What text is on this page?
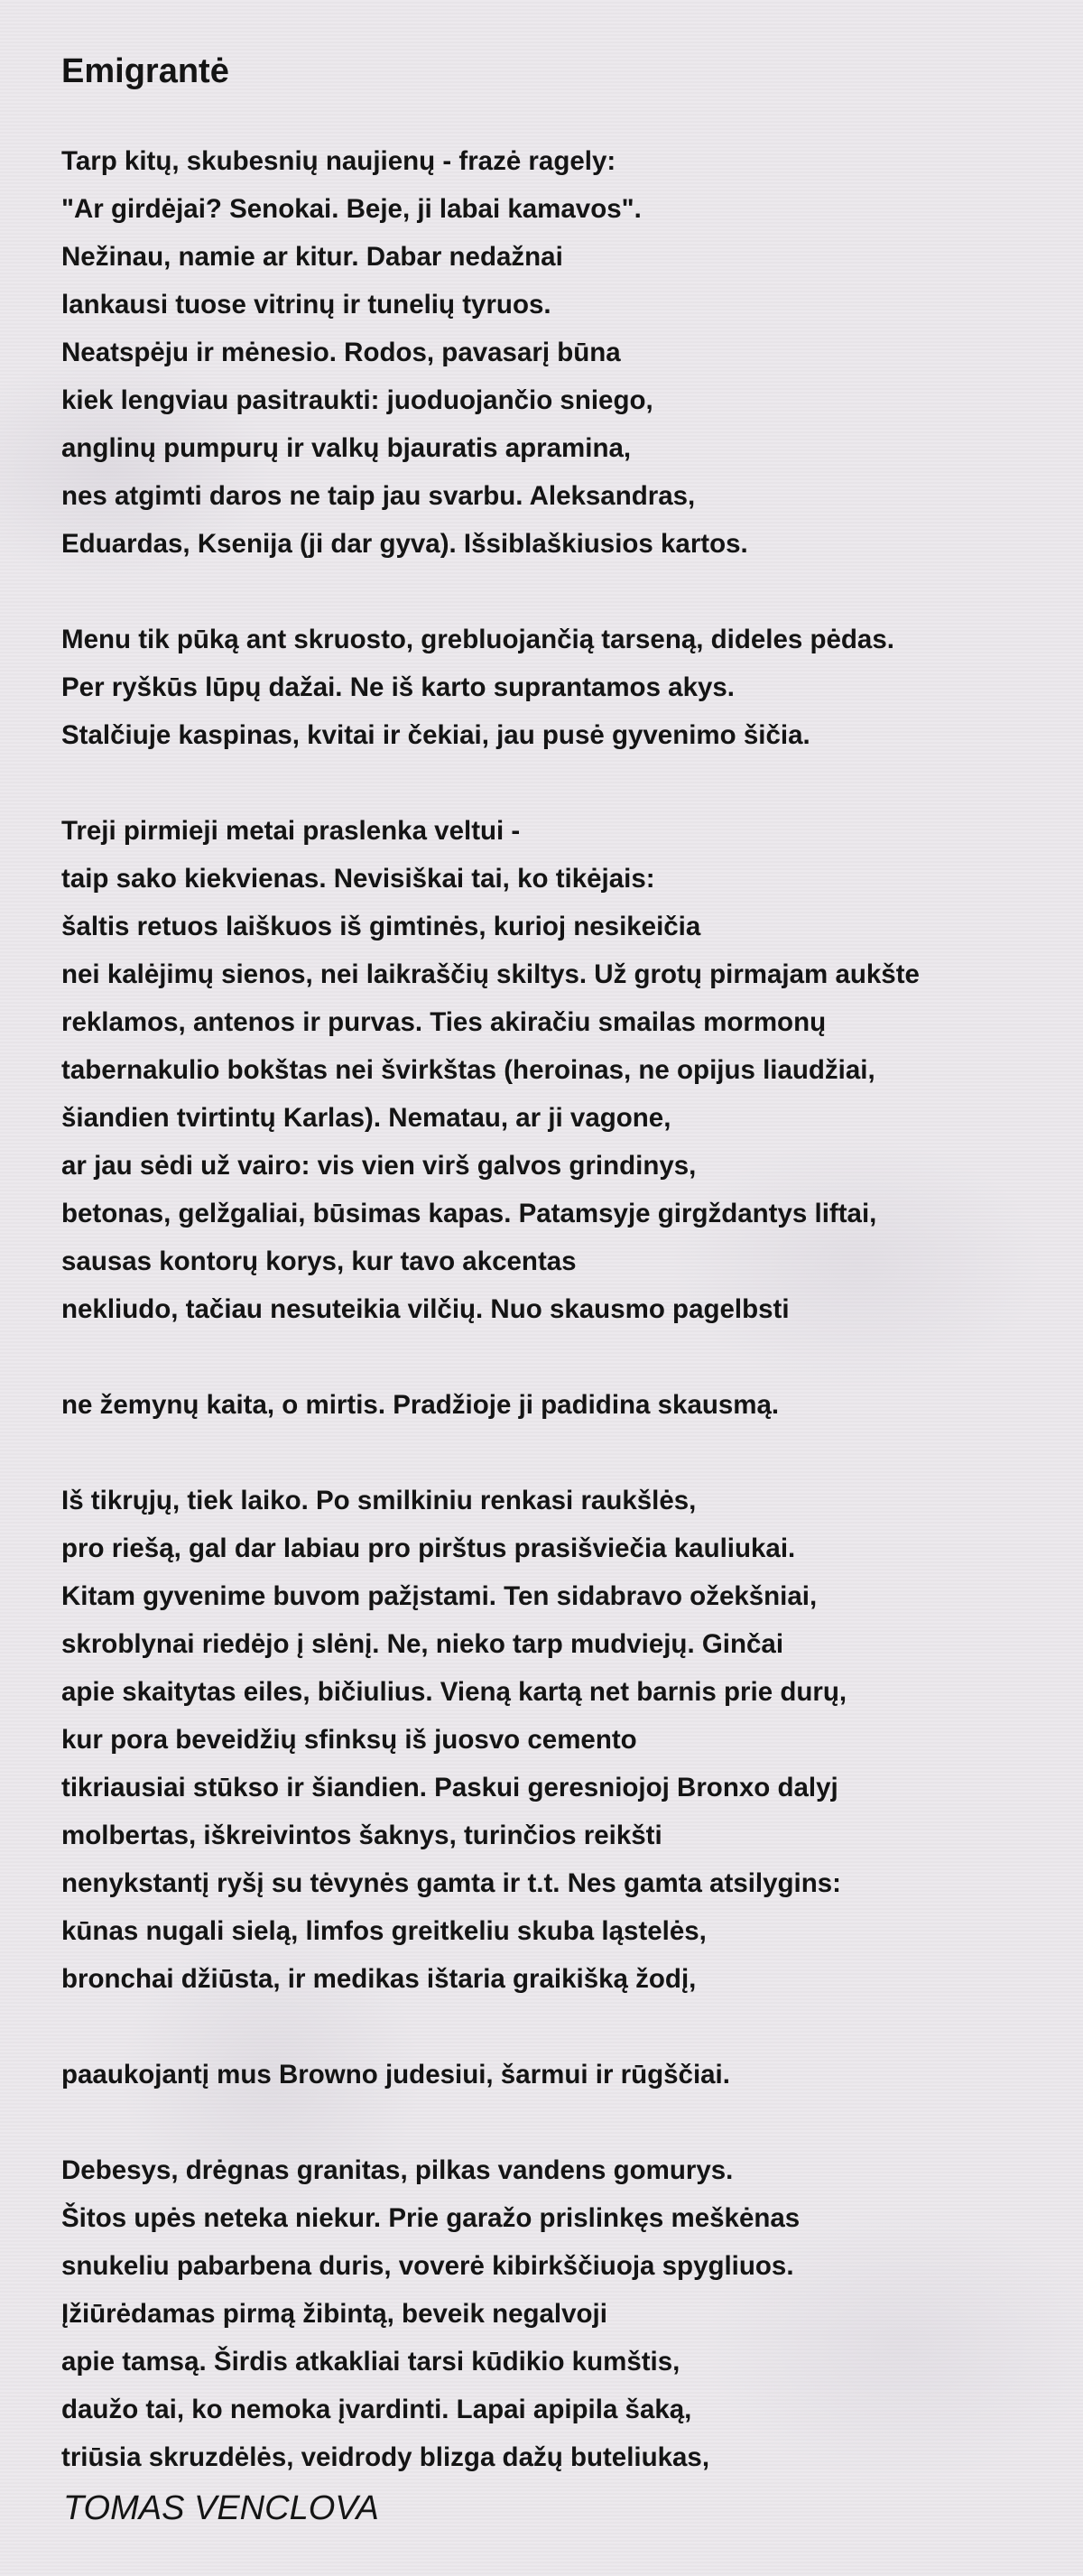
Emigrantė
Tarp kitų, skubesnių naujienų - frazė ragely:
"Ar girdėjai? Senokai. Beje, ji labai kamavos".
Nežinau, namie ar kitur. Dabar nedažnai
lankausi tuose vitrinų ir tunelių tyruos.
Neatspėju ir mėnesio. Rodos, pavasarį būna
kiek lengviau pasitraukti: juoduojančio sniego,
anglinų pumpurų ir valkų bjauratis apramina,
nes atgimti daros ne taip jau svarbu. Aleksandras,
Eduardas, Ksenija (ji dar gyva). Išsiblaškiusios kartos.
Menu tik pūką ant skruosto, grebluojančią tarseną, dideles pėdas.
Per ryškūs lūpų dažai. Ne iš karto suprantamos akys.
Stalčiuje kaspinas, kvitai ir čekiai, jau pusė gyvenimo šičia.
Treji pirmieji metai praslenka veltui -
taip sako kiekvienas. Nevisiškai tai, ko tikėjais:
šaltis retuos laiškuos iš gimtinės, kurioj nesikeičia
nei kalėjimų sienos, nei laikraščių skiltys. Už grotų pirmajam aukšte
reklamos, antenos ir purvas. Ties akiračiu smailas mormonų
tabernakulio bokštas nei švirkštas (heroinas, ne opijus liaudžiai,
šiandien tvirtintų Karlas). Nematau, ar ji vagone,
ar jau sėdi už vairo: vis vien virš galvos grindinys,
betonas, gelžgaliai, būsimas kapas. Patamsyje girgždantys liftai,
sausas kontorų korys, kur tavo akcentas
nekliudo, tačiau nesuteikia vilčių. Nuo skausmo pagelbsti
ne žemynų kaita, o mirtis. Pradžioje ji padidina skausmą.
Iš tikrųjų, tiek laiko. Po smilkiniu renkasi raukšlės,
pro riešą, gal dar labiau pro pirštus prasišviečia kauliukai.
Kitam gyvenime buvom pažįstami. Ten sidabravo ožekšniai,
skroblynai riedėjo į slėnį. Ne, nieko tarp mudviejų. Ginčai
apie skaitytas eiles, bičiulius. Vieną kartą net barnis prie durų,
kur pora beveidžių sfinksų iš juosvo cemento
tikriausiai stūkso ir šiandien. Paskui geresniojoj Bronxo dalyj
molbertas, iškreivintos šaknys, turinčios reikšti
nenykstantį ryšį su tėvynės gamta ir t.t. Nes gamta atsilygins:
kūnas nugali sielą, limfos greitkeliu skuba ląstelės,
bronchai džiūsta, ir medikas ištaria graikišką žodį,
paaukojantį mus Browno judesiui, šarmui ir rūgščiai.
Debesys, drėgnas granitas, pilkas vandens gomurys.
Šitos upės neteka niekur. Prie garažo prislinkęs meškėnas
snukeliu pabarbena duris, voverė kibirkščiuoja spygliuos.
Įžiūrėdamas pirmą žibintą, beveik negalvoji
apie tamsą. Širdis atkakliai tarsi kūdikio kumštis,
daužo tai, ko nemoka įvardinti. Lapai apipila šaką,
triūsia skruzdėlės, veidrody blizga dažų buteliukas,
TOMAS VENCLOVA
